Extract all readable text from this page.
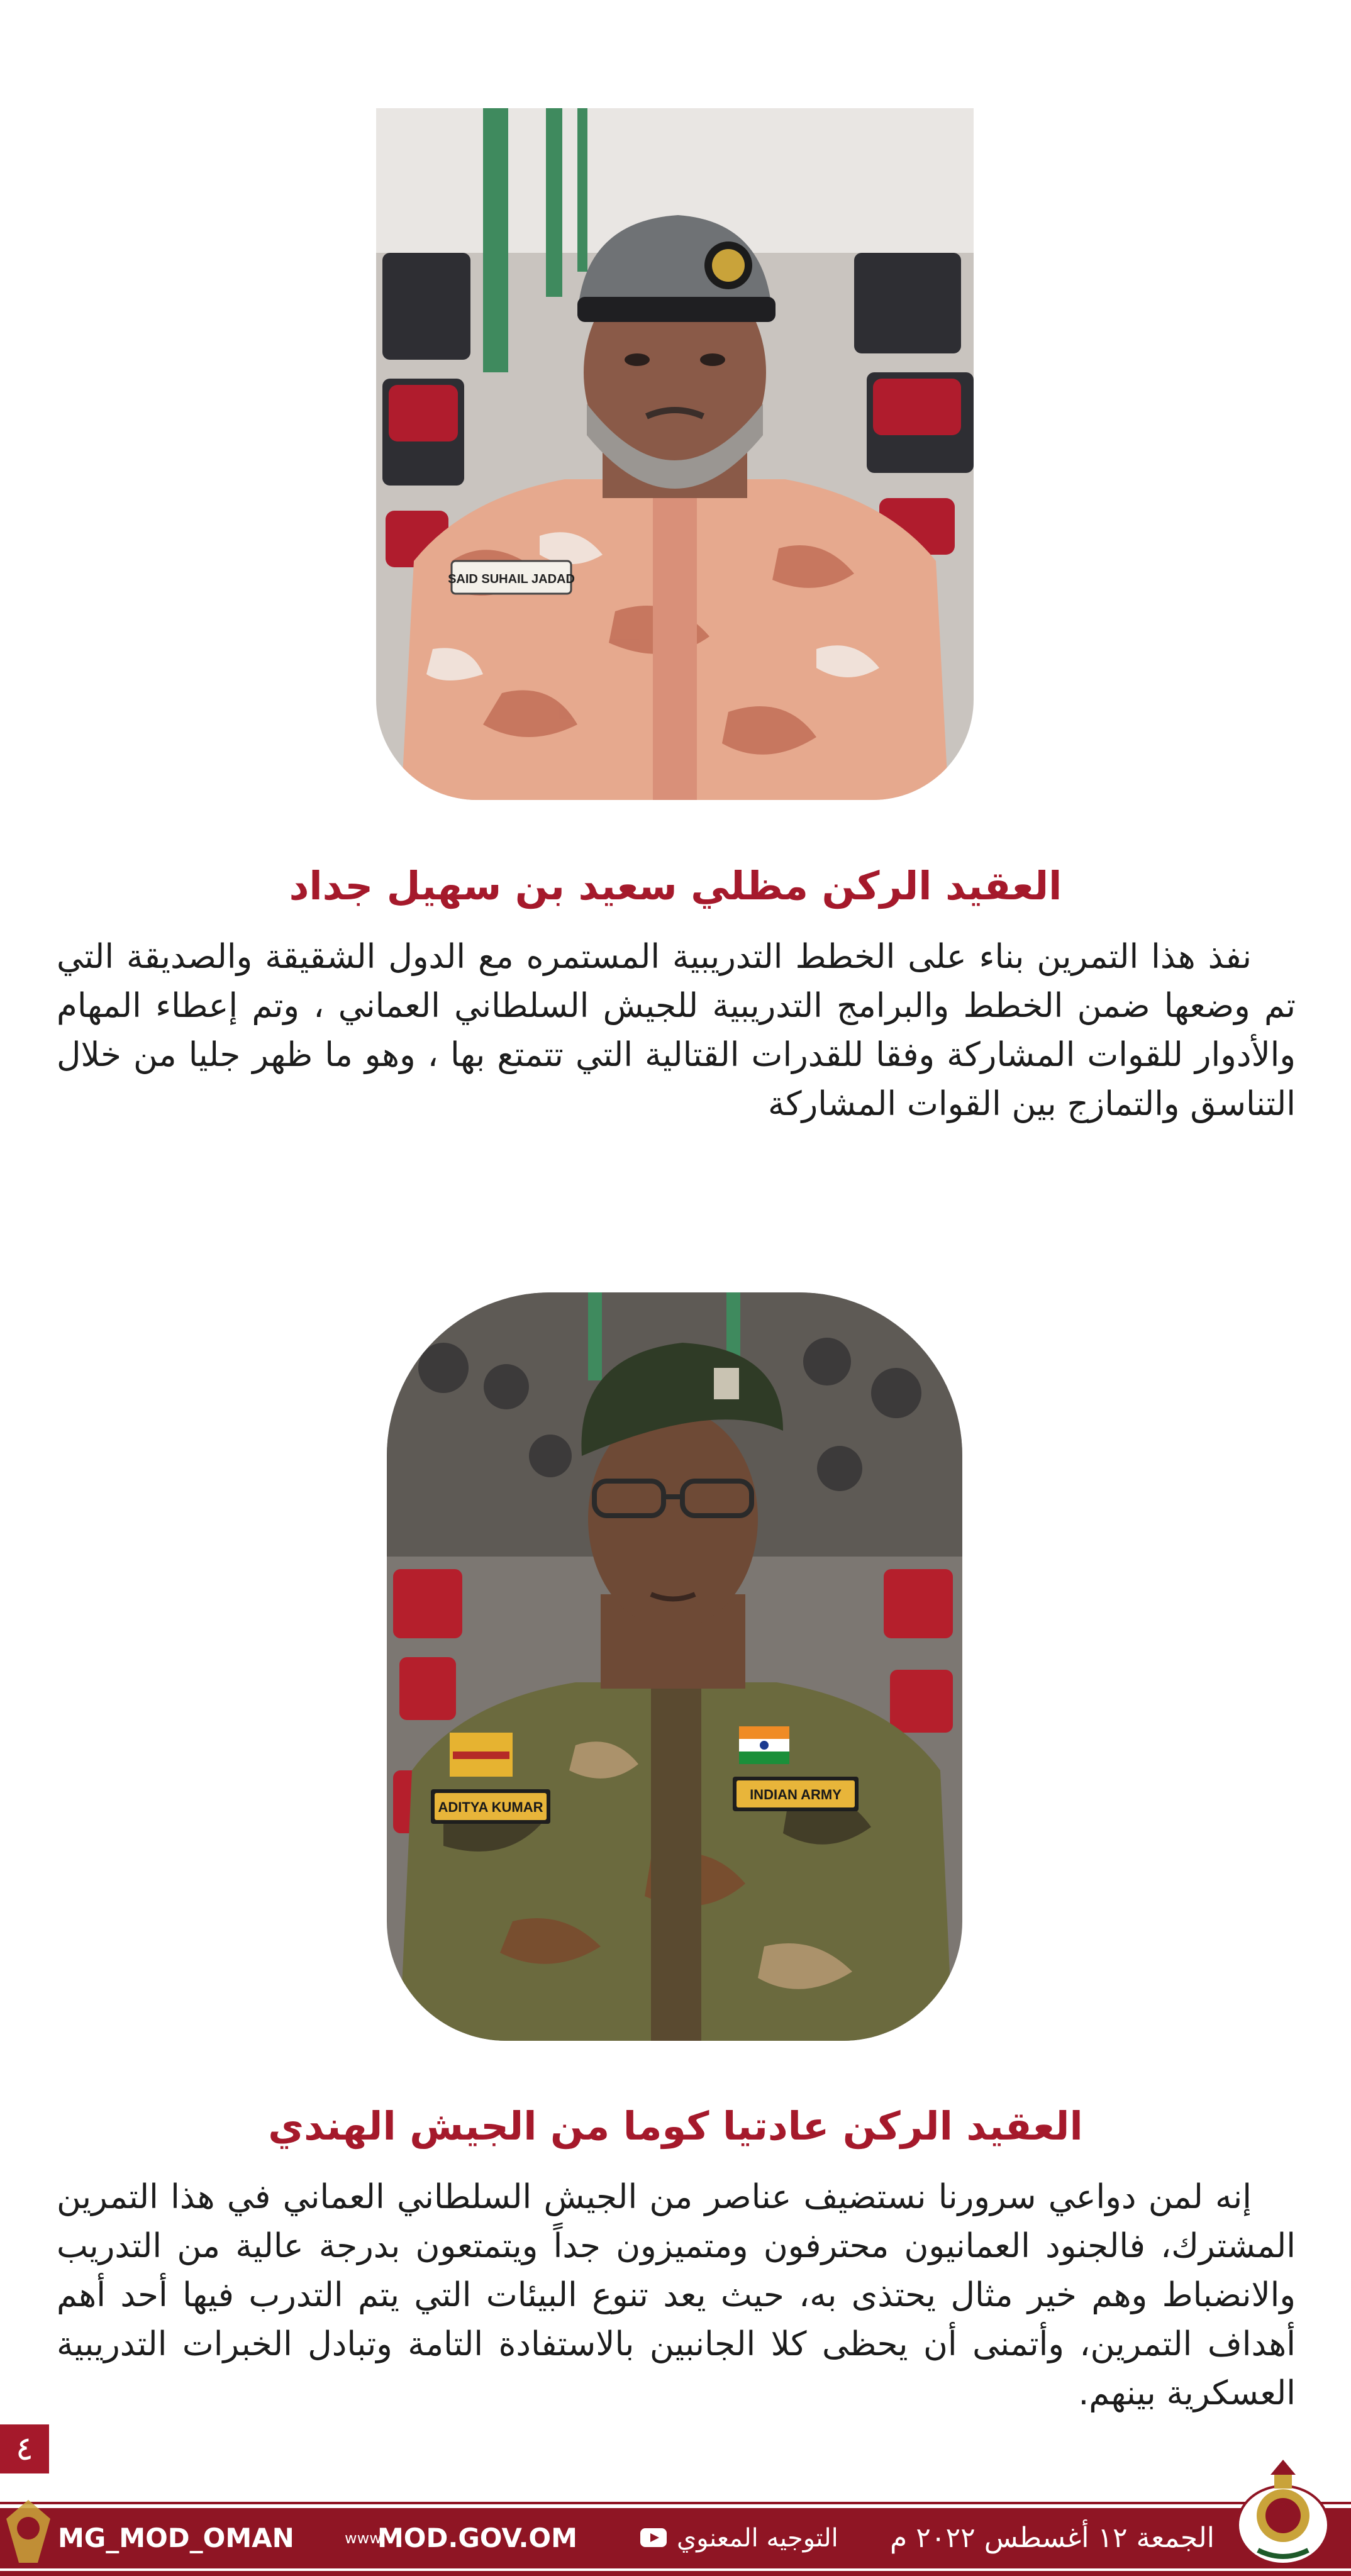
SAID SUHAIL JADAD
العقيد الركن مظلي سعيد بن سهيل جداد

نفذ هذا التمرين بناء على الخطط التدريبية المستمره مع الدول الشقيقة والصديقة التي تم وضعها ضمن الخطط والبرامج التدريبية للجيش السلطاني العماني ، وتم إعطاء المهام والأدوار للقوات المشاركة وفقا للقدرات القتالية التي تتمتع بها ، وهو ما ظهر جليا من خلال التناسق والتمازج بين القوات المشاركة

ADITYA KUMAR
INDIAN ARMY
العقيد الركن عادتيا كوما من الجيش الهندي

إنه لمن دواعي سرورنا نستضيف عناصر من الجيش السلطاني العماني في هذا التمرين المشترك، فالجنود العمانيون محترفون ومتميزون جداً ويتمتعون بدرجة عالية من التدريب والانضباط وهم خير مثال يحتذى به، حيث يعد تنوع البيئات التي يتم التدرب فيها أحد أهم أهداف التمرين، وأتمنى أن يحظى كلا الجانبين بالاستفادة التامة وتبادل الخبرات التدريبية العسكرية بينهم.

٤
MG_MOD_OMAN	www
MOD.GOV.OM	التوجيه المعنوي الجمعة ١٢ أغسطس ٢٠٢٢ م
